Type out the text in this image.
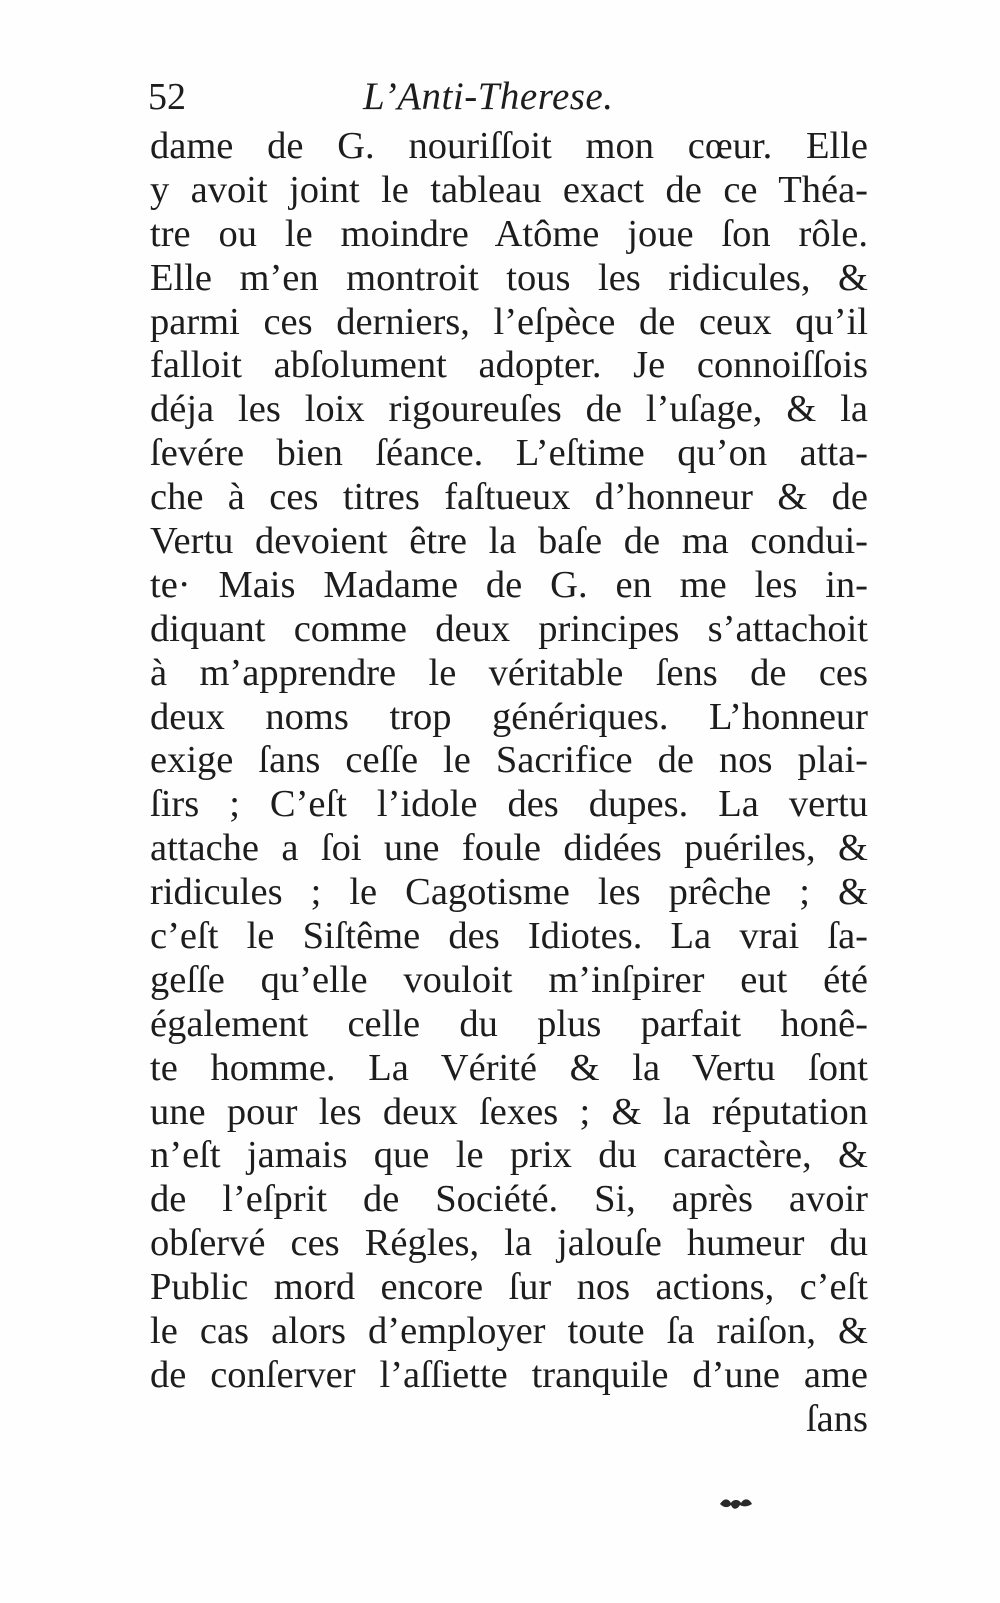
52	L’Anti-Therese.
dame de G. nouriſſoit mon cœur. Elle
y avoit joint le tableau exact de ce Théa-
tre ou le moindre Atôme joue ſon rôle.
Elle m’en montroit tous les ridicules, &
parmi ces derniers, l’eſpèce de ceux qu’il
falloit abſolument adopter. Je connoiſſois
déja les loix rigoureuſes de l’uſage, & la
ſevére bien ſéance. L’eſtime qu’on atta-
che à ces titres faſtueux d’honneur & de
Vertu devoient être la baſe de ma condui-
te· Mais Madame de G. en me les in-
diquant comme deux principes s’attachoit
à m’apprendre le véritable ſens de ces
deux noms trop génériques. L’honneur
exige ſans ceſſe le Sacrifice de nos plai-
ſirs ; C’eſt l’idole des dupes. La vertu
attache a ſoi une foule didées puériles, &
ridicules ; le Cagotisme les prêche ; &
c’eſt le Siſtême des Idiotes. La vrai ſa-
geſſe qu’elle vouloit m’inſpirer eut été
également celle du plus parfait honê-
te homme. La Vérité & la Vertu ſont
une pour les deux ſexes ; & la réputation
n’eſt jamais que le prix du caractère, &
de l’eſprit de Société. Si, après avoir
obſervé ces Régles, la jalouſe humeur du
Public mord encore ſur nos actions, c’eſt
le cas alors d’employer toute ſa raiſon, &
de conſerver l’aſſiette tranquile d’une ame
ſans
